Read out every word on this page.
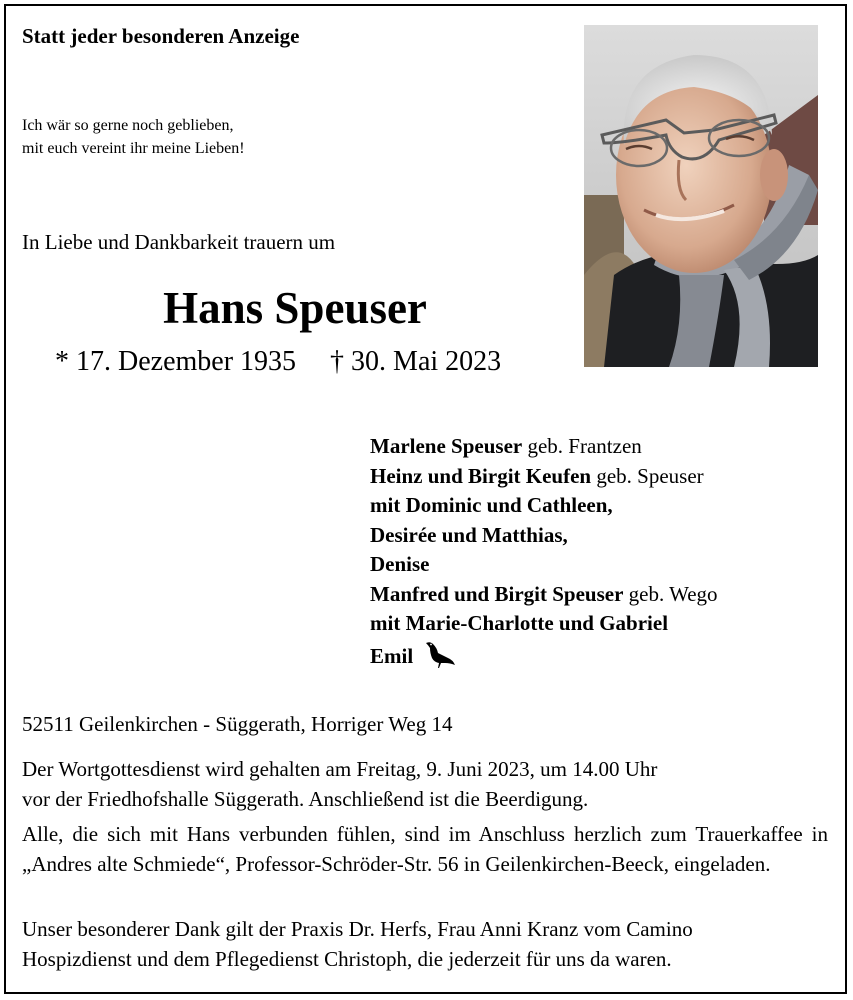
Statt jeder besonderen Anzeige
Ich wär so gerne noch geblieben,
mit euch vereint ihr meine Lieben!
In Liebe und Dankbarkeit trauern um
Hans Speuser
* 17. Dezember 1935 † 30. Mai 2023
Marlene Speuser geb. Frantzen
Heinz und Birgit Keufen geb. Speuser
mit Dominic und Cathleen,
Desirée und Matthias,
Denise
Manfred und Birgit Speuser geb. Wego
mit Marie-Charlotte und Gabriel
Emil
52511 Geilenkirchen - Süggerath, Horriger Weg 14
Der Wortgottesdienst wird gehalten am Freitag, 9. Juni 2023, um 14.00 Uhr
vor der Friedhofshalle Süggerath. Anschließend ist die Beerdigung.
Alle, die sich mit Hans verbunden fühlen, sind im Anschluss herzlich zum Trauerkaffee in „Andres alte Schmiede“, Professor-Schröder-Str. 56 in Geilenkirchen-Beeck, eingeladen.
Unser besonderer Dank gilt der Praxis Dr. Herfs, Frau Anni Kranz vom Camino
Hospizdienst und dem Pflegedienst Christoph, die jederzeit für uns da waren.
